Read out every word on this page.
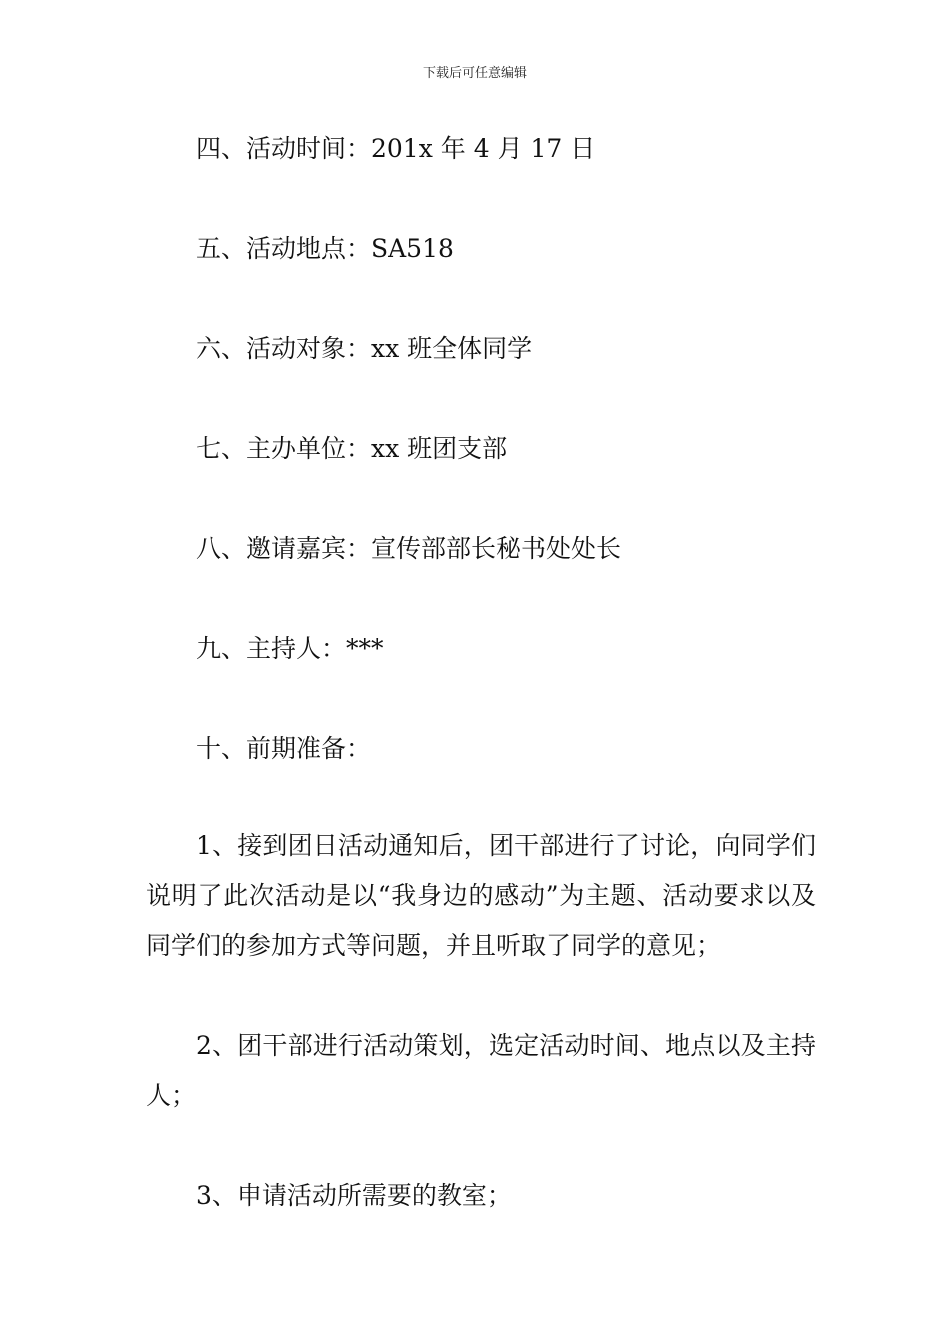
下载后可任意编辑
四、活动时间：201x 年 4 月 17 日
五、活动地点：SA518
六、活动对象：xx 班全体同学
七、主办单位：xx 班团支部
八、邀请嘉宾：宣传部部长秘书处处长
九、主持人：***
十、前期准备：
1、接到团日活动通知后，团干部进行了讨论，向同学们说明了此次活动是以“我身边的感动”为主题、活动要求以及同学们的参加方式等问题，并且听取了同学的意见；
2、团干部进行活动策划，选定活动时间、地点以及主持人；
3、申请活动所需要的教室；
